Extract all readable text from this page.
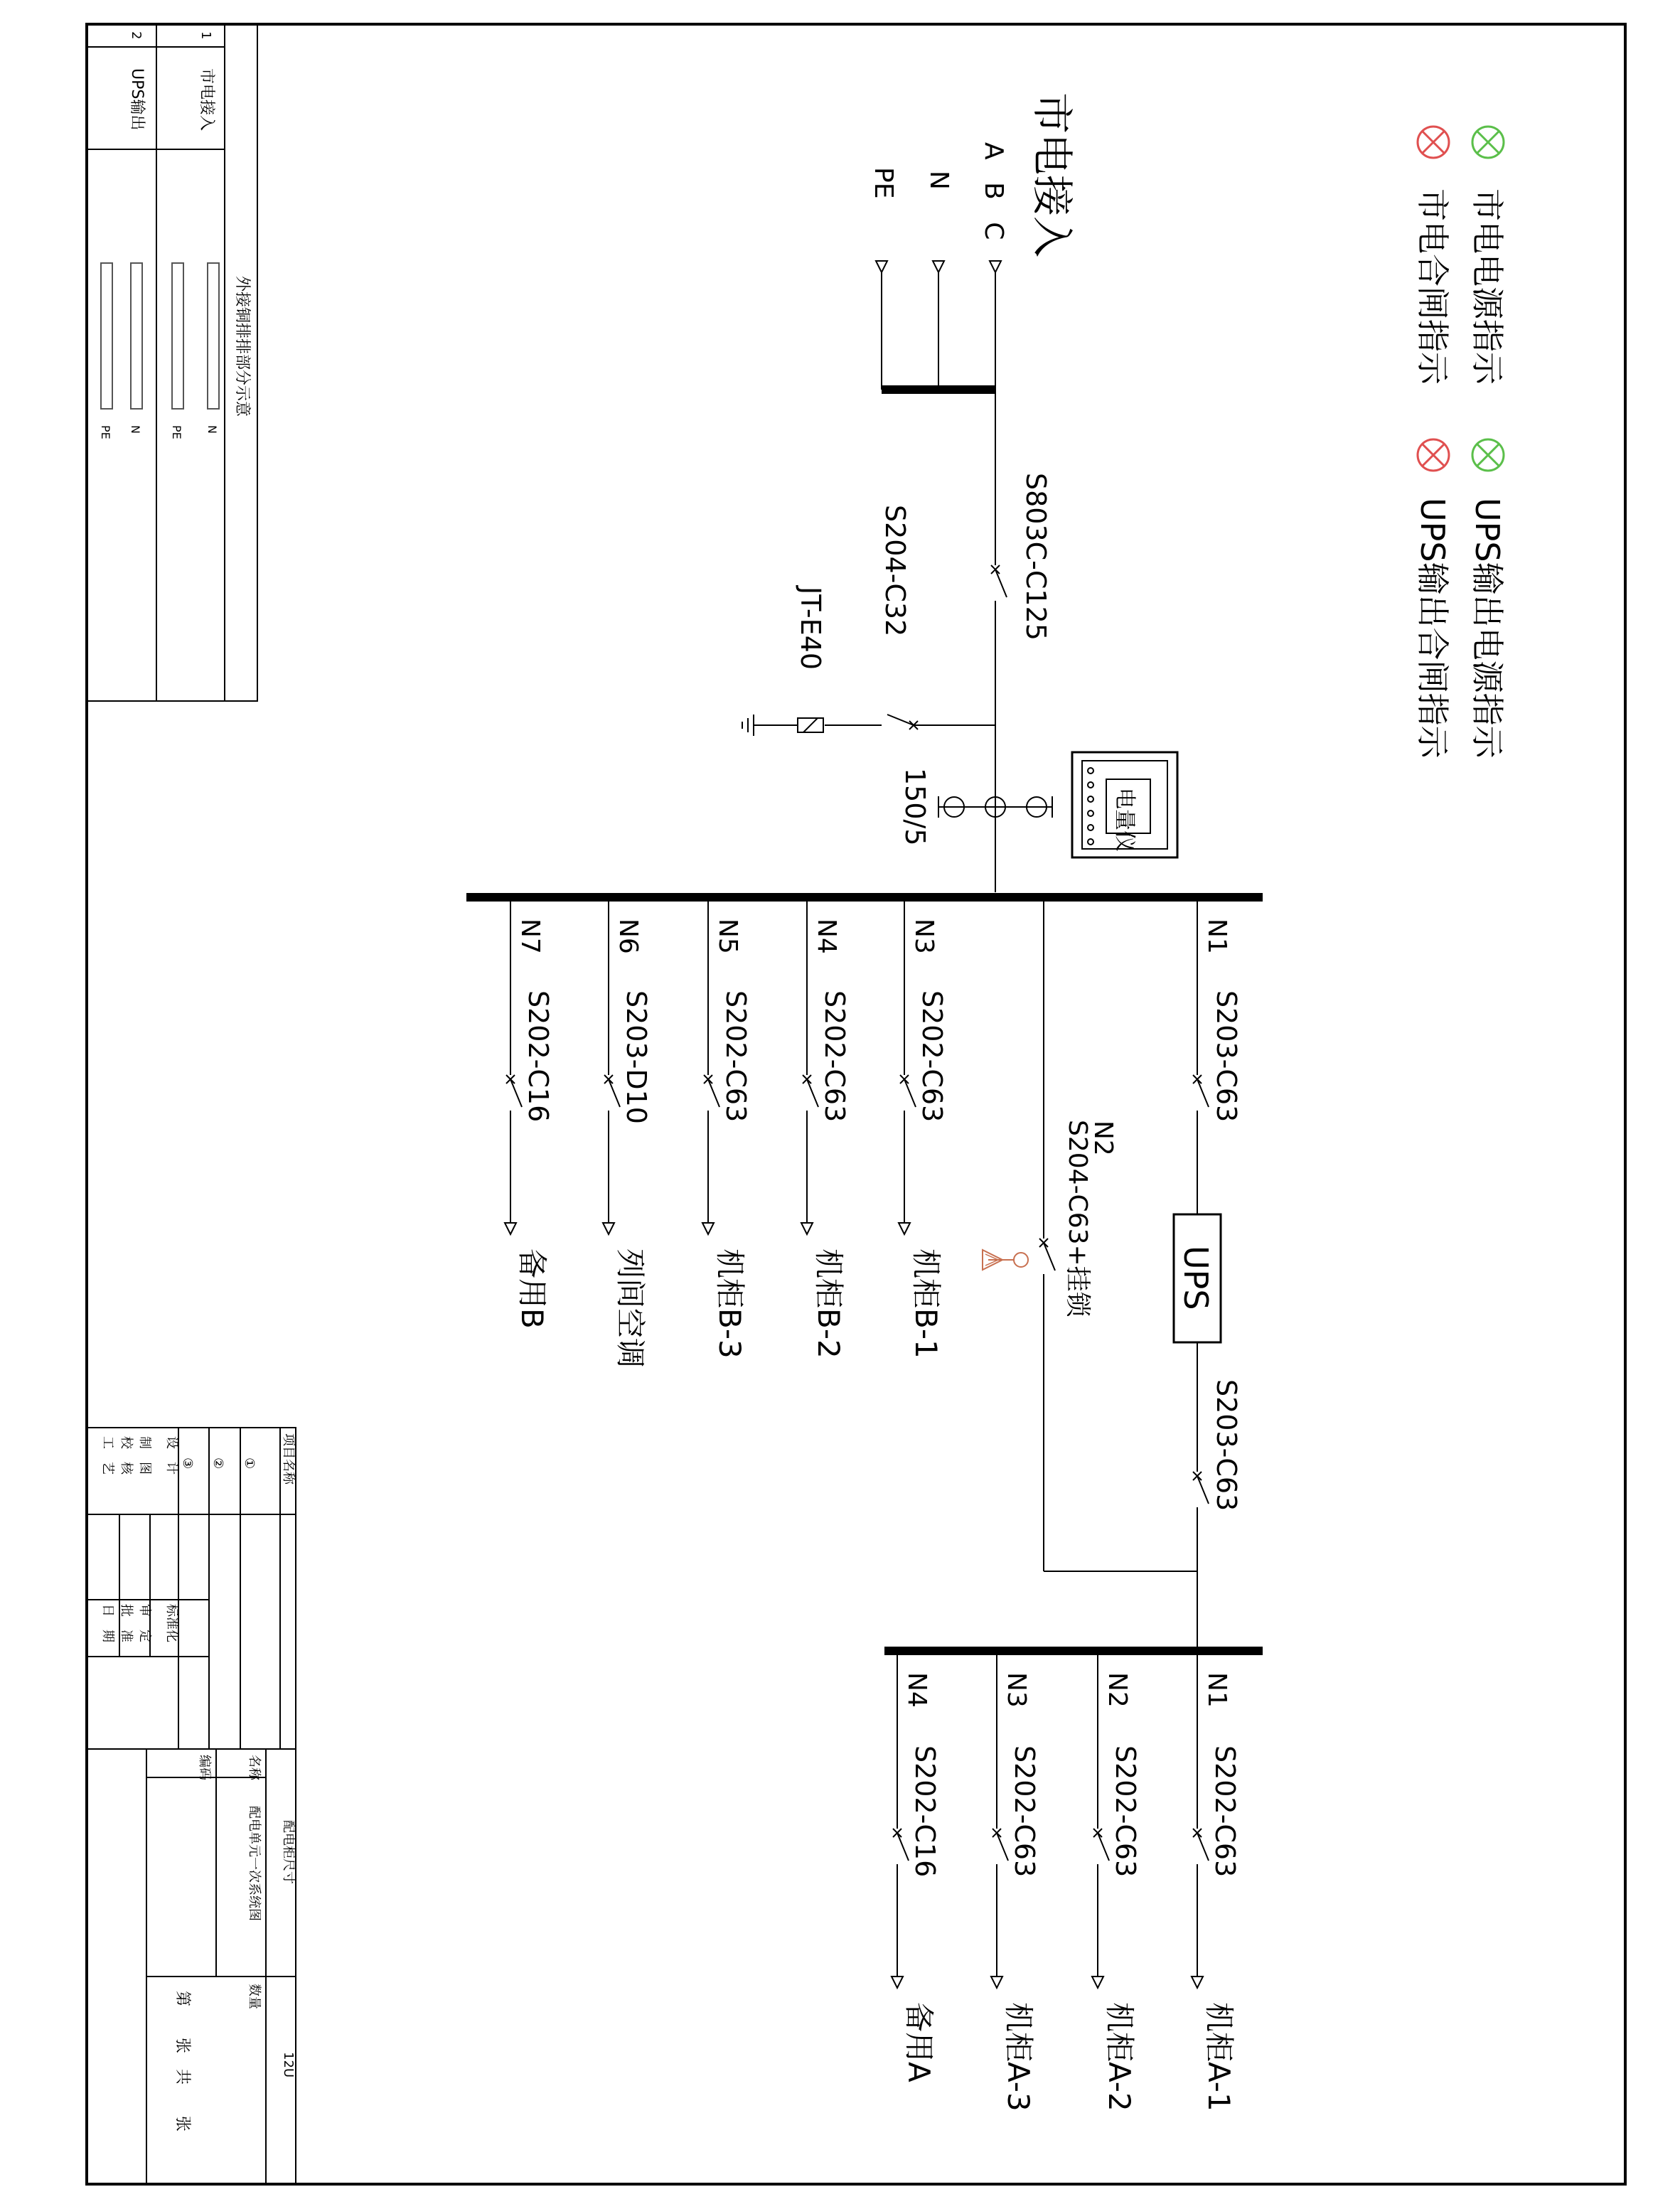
市电电源指示
市电合闸指示
UPS输出电源指示
UPS输出合闸指示
市电接入
A B C
N
PE
S803C-C125
S204-C32
JT-E40
150/5	电量仪
N1
S203-C63
N3
S202-C63
机柜B-1
N4
S202-C63
机柜B-2
N5
S202-C63
机柜B-3
N6
S203-D10
列间空调
N7
S202-C16
备用B	UPS
S203-C63
N2
S204-C63+挂锁
N1
S202-C63
机柜A-1
N2
S202-C63
机柜A-2
N3
S202-C63
机柜A-3
N4
S202-C16
备用A
1
2
市电接入
UPS输出
外接铜排排部分示意
N
PE
N
PE
项目名称
①
②
③
设　计
制　图
校　核
工　艺
标准化
审　定
批　准
日　期
名称
编码
配电柜尺寸
配电单元一次系统图
数量
12U
第　　张　共　　张
